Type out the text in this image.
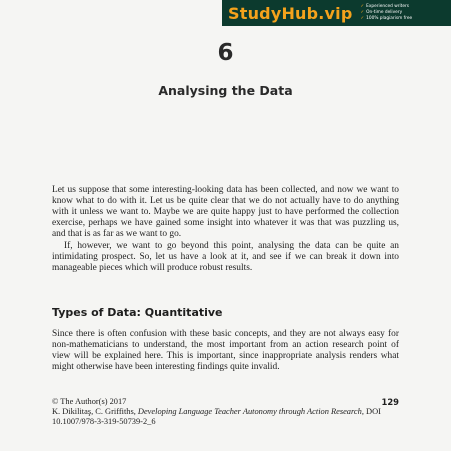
StudyHub.vip ✓ Experienced writers
✓ On-time delivery
✓ 100% plagiarism free
6
Analysing the Data

Let us suppose that some interesting-looking data has been collected, and now we want to know what to do with it. Let us be quite clear that we do not actually have to do anything with it unless we want to. Maybe we are quite happy just to have performed the collection exercise, perhaps we have gained some insight into whatever it was that was puzzling us, and that is as far as we want to go.

If, however, we want to go beyond this point, analysing the data can be quite an intimidating prospect. So, let us have a look at it, and see if we can break it down into manageable pieces which will produce robust results.

Types of Data: Quantitative

Since there is often confusion with these basic concepts, and they are not always easy for non-mathematicians to understand, the most important from an action research point of view will be explained here. This is important, since inappropriate analysis renders what might otherwise have been interesting findings quite invalid.

© The Author(s) 2017	129
K. Dikilitaş, C. Griffiths, Developing Language Teacher Autonomy through Action Research, DOI 10.1007/978-3-319-50739-2_6
